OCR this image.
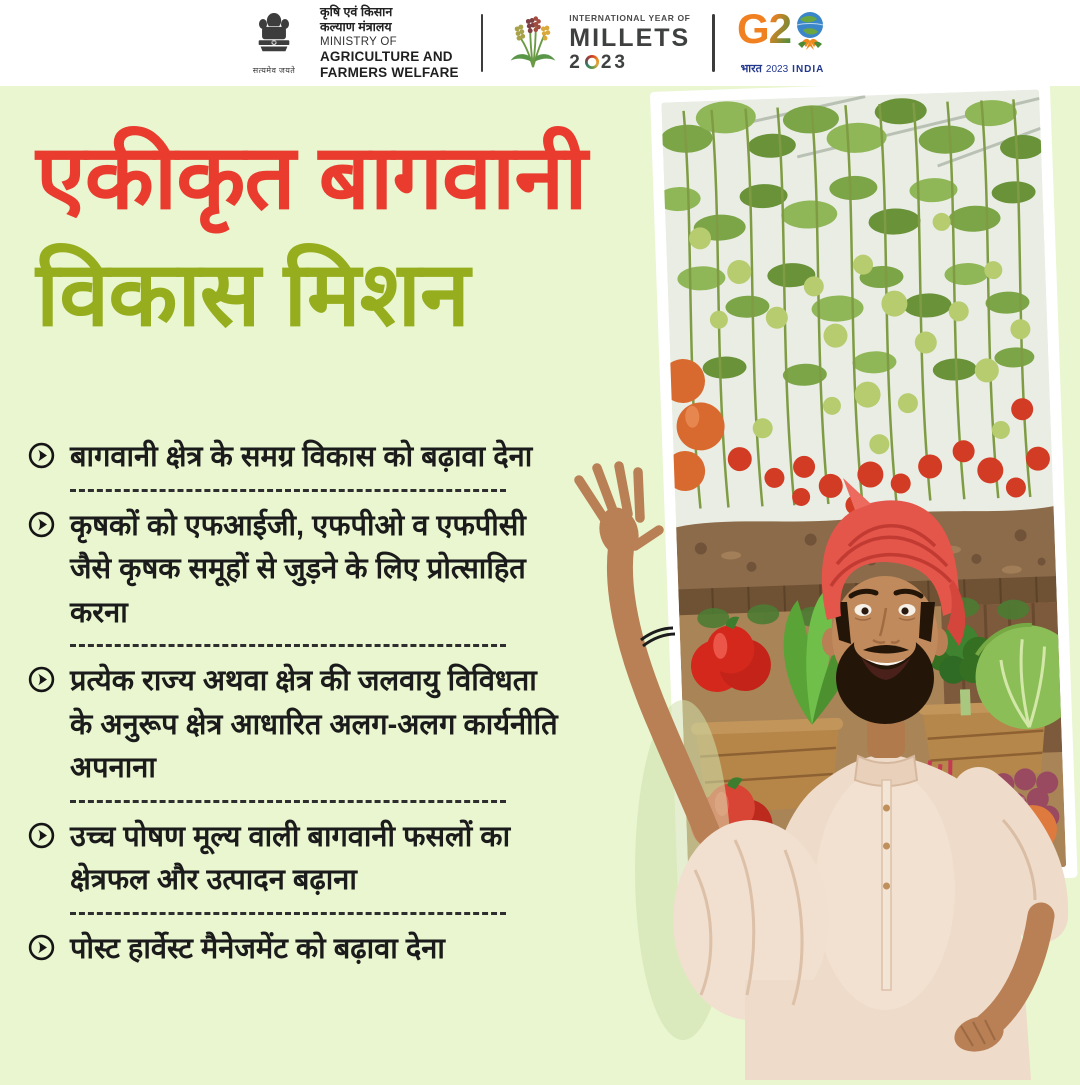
सत्यमेव जयते
कृषि एवं किसान
कल्याण मंत्रालय
MINISTRY OF
AGRICULTURE AND
FARMERS WELFARE
INTERNATIONAL YEAR OF
MILLETS
2 23
G2
भारत 2023 INDIA
एकीकृत बागवानी
विकास मिशन
बागवानी क्षेत्र के समग्र विकास को बढ़ावा देना
कृषकों को एफआईजी, एफपीओ व एफपीसी जैसे कृषक समूहों से जुड़ने के लिए प्रोत्साहित करना
प्रत्येक राज्य अथवा क्षेत्र की जलवायु विविधता के अनुरूप क्षेत्र आधारित अलग-अलग कार्यनीति अपनाना
उच्च पोषण मूल्य वाली बागवानी फसलों का क्षेत्रफल और उत्पादन बढ़ाना
पोस्ट हार्वेस्ट मैनेजमेंट को बढ़ावा देना
